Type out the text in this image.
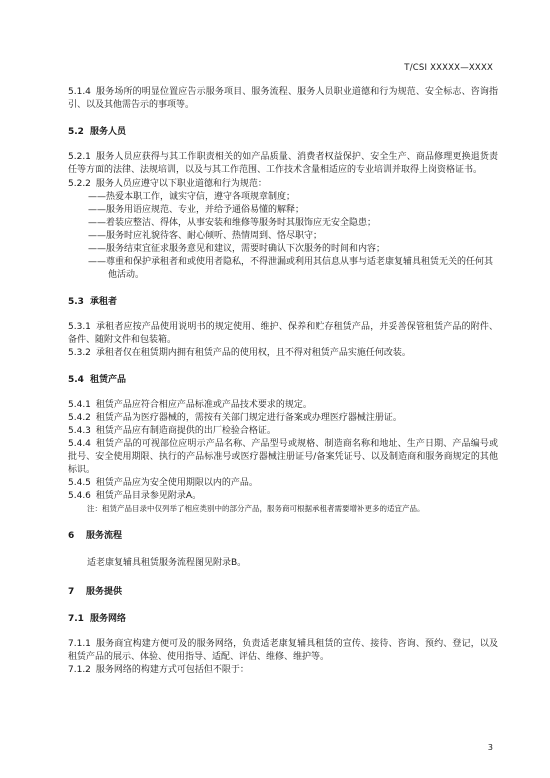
T/CSI XXXXX—XXXX
5.1.4 服务场所的明显位置应告示服务项目、服务流程、服务人员职业道德和行为规范、安全标志、咨询指引、以及其他需告示的事项等。
5.2 服务人员
5.2.1 服务人员应获得与其工作职责相关的如产品质量、消费者权益保护、安全生产、商品修理更换退货责任等方面的法律、法规培训，以及与其工作范围、工作技术含量相适应的专业培训并取得上岗资格证书。
5.2.2 服务人员应遵守以下职业道德和行为规范：
——热爱本职工作，诚实守信，遵守各项规章制度；
——服务用语应规范、专业，并给予通俗易懂的解释；
——着装应整洁、得体，从事安装和维修等服务时其服饰应无安全隐患；
——服务时应礼貌待客、耐心倾听、热情周到、恪尽职守；
——服务结束宜征求服务意见和建议，需要时确认下次服务的时间和内容；
——尊重和保护承租者和或使用者隐私，不得泄漏或利用其信息从事与适老康复辅具租赁无关的任何其他活动。
5.3 承租者
5.3.1 承租者应按产品使用说明书的规定使用、维护、保养和贮存租赁产品，并妥善保管租赁产品的附件、备件、随附文件和包装箱。
5.3.2 承租者仅在租赁期内拥有租赁产品的使用权，且不得对租赁产品实施任何改装。
5.4 租赁产品
5.4.1 租赁产品应符合相应产品标准或产品技术要求的规定。
5.4.2 租赁产品为医疗器械的，需按有关部门规定进行备案或办理医疗器械注册证。
5.4.3 租赁产品应有制造商提供的出厂检验合格证。
5.4.4 租赁产品的可视部位应明示产品名称、产品型号或规格、制造商名称和地址、生产日期、产品编号或批号、安全使用期限、执行的产品标准号或医疗器械注册证号/备案凭证号、以及制造商和服务商规定的其他标识。
5.4.5 租赁产品应为安全使用期限以内的产品。
5.4.6 租赁产品目录参见附录A。
注：租赁产品目录中仅列举了相应类别中的部分产品，服务商可根据承租者需要增补更多的适宜产品。
6 服务流程
适老康复辅具租赁服务流程图见附录B。
7 服务提供
7.1 服务网络
7.1.1 服务商宜构建方便可及的服务网络，负责适老康复辅具租赁的宣传、接待、咨询、预约、登记，以及租赁产品的展示、体验、使用指导、适配、评估、维修、维护等。
7.1.2 服务网络的构建方式可包括但不限于：
3
